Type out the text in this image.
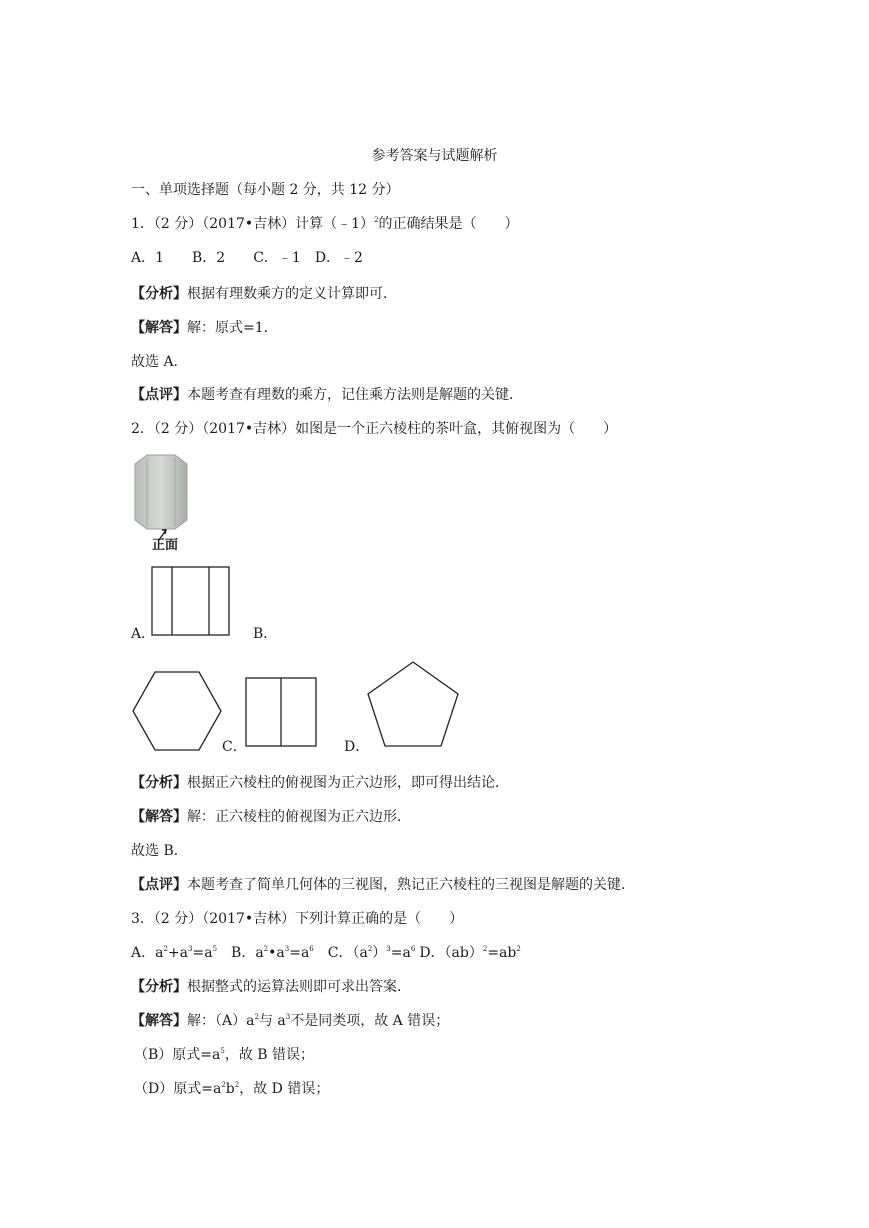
参考答案与试题解析
一、单项选择题（每小题 2 分，共 12 分）
1．（2 分）（2017•吉林）计算（﹣1）$^2$的正确结果是（　　）
A．1　　B．2　　C．﹣1　D．﹣2
【分析】根据有理数乘方的定义计算即可．
【解答】解：原式=1．
故选 A．
【点评】本题考查有理数的乘方，记住乘方法则是解题的关键．
2．（2 分）（2017•吉林）如图是一个正六棱柱的茶叶盒，其俯视图为（　　）
正面
A．	B．
C．	D．
【分析】根据正六棱柱的俯视图为正六边形，即可得出结论．
【解答】解：正六棱柱的俯视图为正六边形．
故选 B．
【点评】本题考查了简单几何体的三视图，熟记正六棱柱的三视图是解题的关键．
3．（2 分）（2017•吉林）下列计算正确的是（　　）
A．$a^2+a^3=a^5$ B．$a^2•a^3=a^6$ C．$(a^2)^3=a^6$ D．$(ab)^2=ab^2$
【分析】根据整式的运算法则即可求出答案．
【解答】解：$(A)a^2$与 $a^3$不是同类项，故 A 错误；
（B）原式$=a^5$，故 B 错误；
（D）原式$=a^2b^2$，故 D 错误；
